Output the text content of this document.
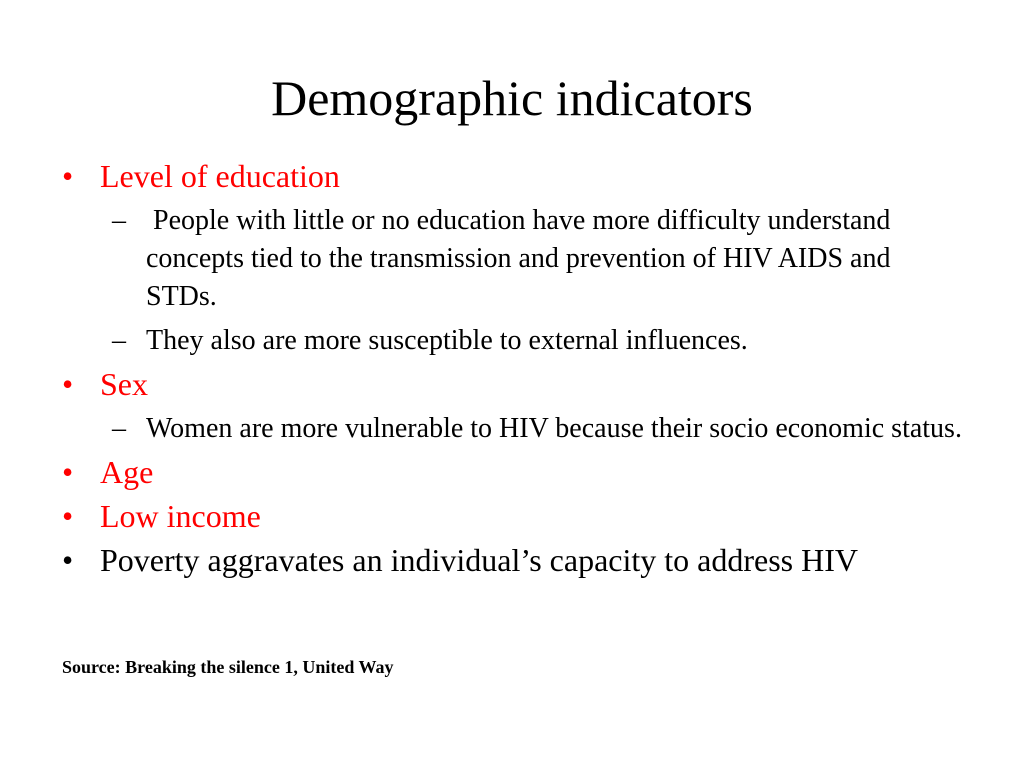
Demographic indicators
• Level of education
– People with little or no education have more difficulty understand concepts tied to the transmission and prevention of HIV AIDS and STDs.
– They also are more susceptible to external influences.
• Sex
– Women are more vulnerable to HIV because their socio economic status.
• Age
• Low income
• Poverty aggravates an individual’s capacity to address HIV
Source: Breaking the silence 1, United Way
